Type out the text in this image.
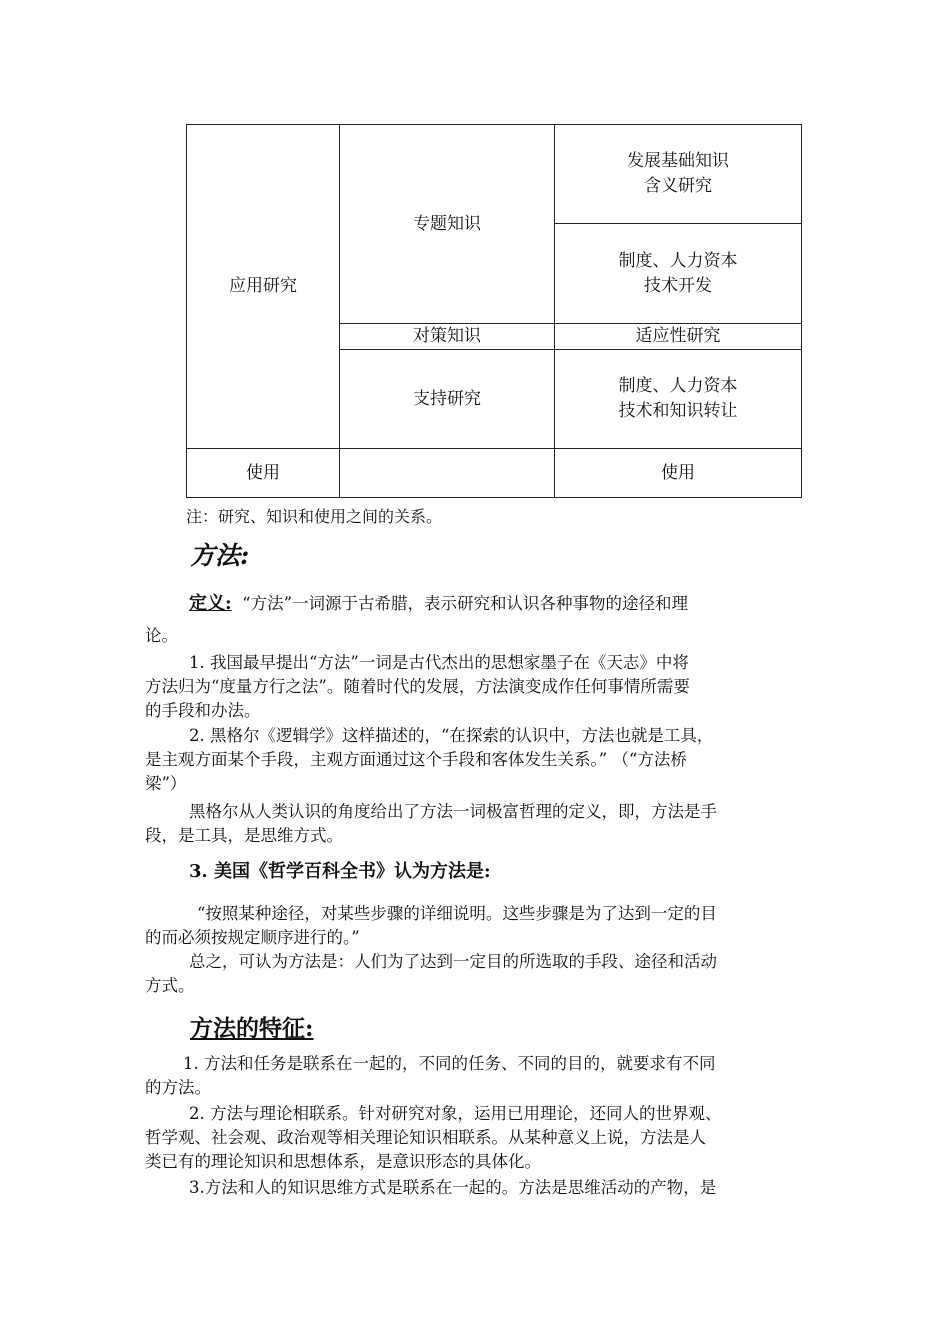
应用研究
专题知识
发展基础知识
含义研究
制度、人力资本
技术开发
对策知识	适应性研究
支持研究
制度、人力资本
技术和知识转让
使用	使用
注：研究、知识和使用之间的关系。
方法:

定义: “方法”一词源于古希腊，表示研究和认识各种事物的途径和理

论。

1. 我国最早提出“方法”一词是古代杰出的思想家墨子在《天志》中将

方法归为“度量方行之法”。随着时代的发展，方法演变成作任何事情所需要

的手段和办法。

2. 黑格尔《逻辑学》这样描述的，“在探索的认识中，方法也就是工具，

是主观方面某个手段，主观方面通过这个手段和客体发生关系。” （“方法桥

梁”）

黑格尔从人类认识的角度给出了方法一词极富哲理的定义，即，方法是手

段，是工具，是思维方式。

3. 美国《哲学百科全书》认为方法是:

“按照某种途径，对某些步骤的详细说明。这些步骤是为了达到一定的目

的而必须按规定顺序进行的。”

总之，可认为方法是：人们为了达到一定目的所选取的手段、途径和活动

方式。

方法的特征:

1. 方法和任务是联系在一起的，不同的任务、不同的目的，就要求有不同

的方法。

2. 方法与理论相联系。针对研究对象，运用已用理论，还同人的世界观、

哲学观、社会观、政治观等相关理论知识相联系。从某种意义上说，方法是人

类已有的理论知识和思想体系，是意识形态的具体化。

3.方法和人的知识思维方式是联系在一起的。方法是思维活动的产物，是
